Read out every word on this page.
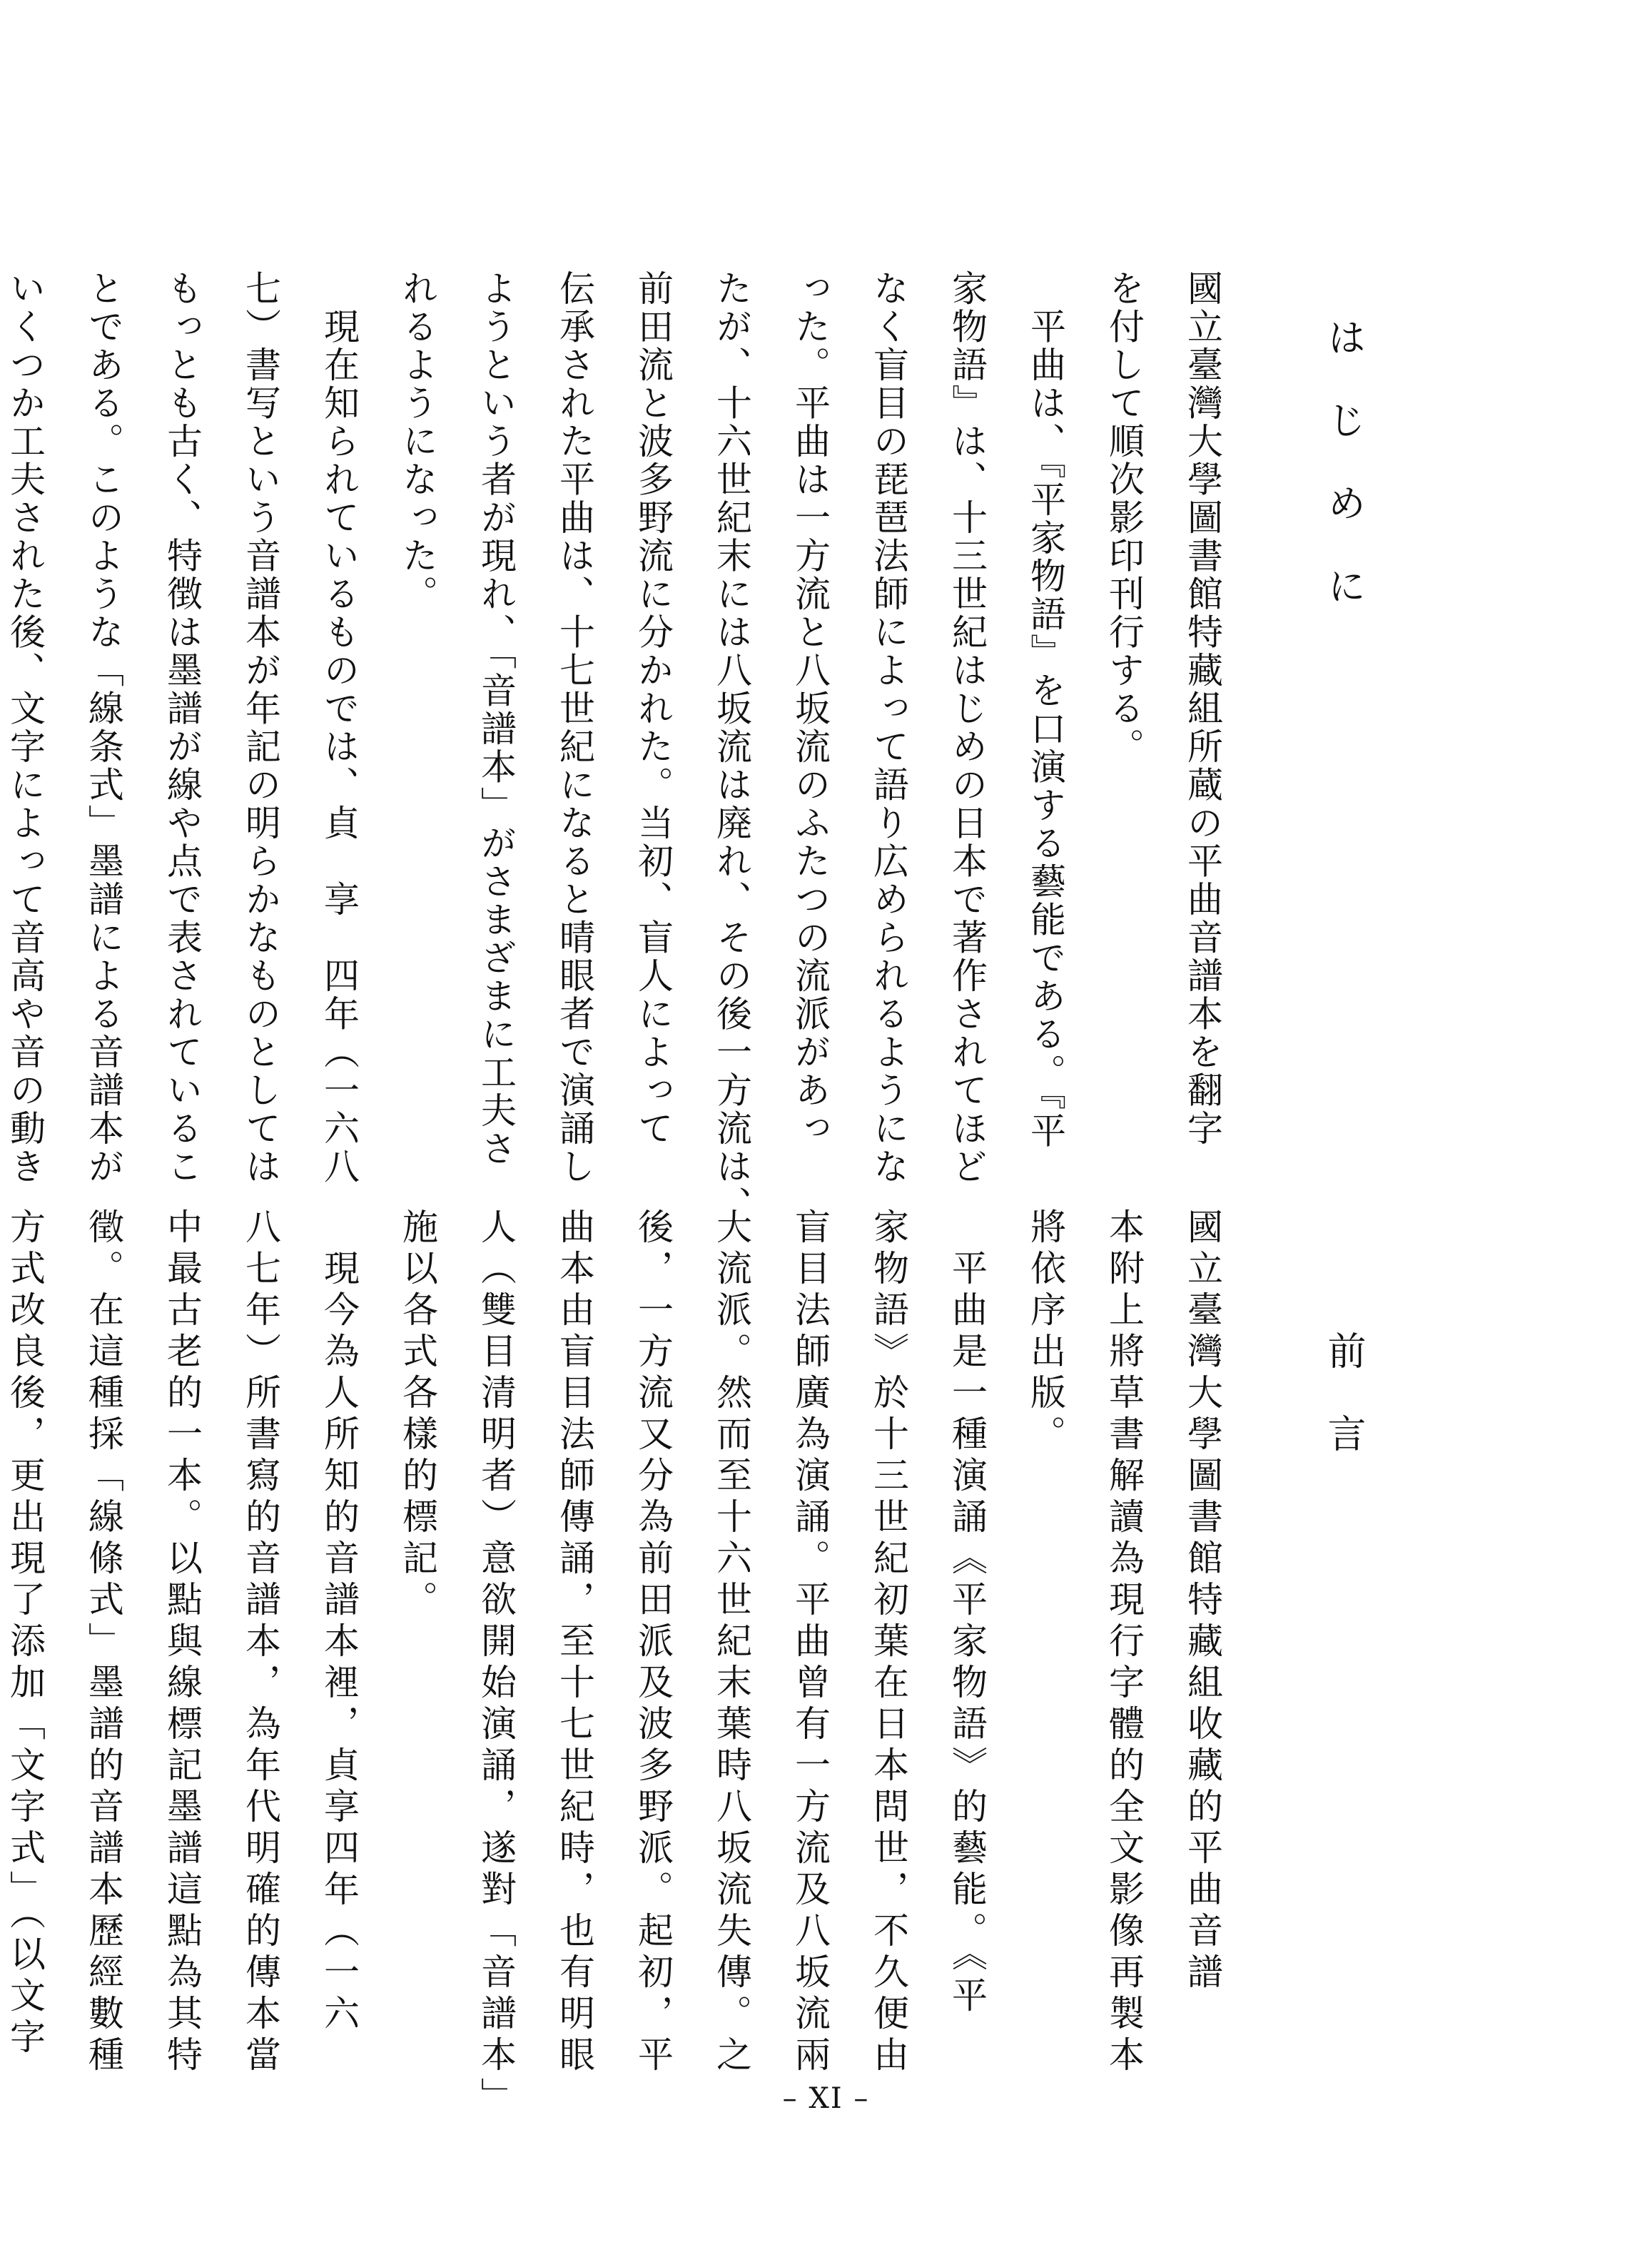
はじめに

國立臺灣大學圖書館特藏組所蔵の平曲音譜本を翻字

を付して順次影印刊行する。

　平曲は、『平家物語』を口演する藝能である。『平

家物語』は、十三世紀はじめの日本で著作されてほど

なく盲目の琵琶法師によって語り広められるようにな

った。平曲は一方流と八坂流のふたつの流派があっ

たが、十六世紀末には八坂流は廃れ、その後一方流は、

前田流と波多野流に分かれた。当初、盲人によって

伝承された平曲は、十七世紀になると晴眼者で演誦し

ようという者が現れ、「音譜本」がさまざまに工夫さ

れるようになった。

　現在知られているものでは、貞　享　四年（一六八

七）書写という音譜本が年記の明らかなものとしては

もっとも古く、特徴は墨譜が線や点で表されているこ

とである。このような「線条式」墨譜による音譜本が

いくつか工夫された後、文字によって音高や音の動き

前言

國立臺灣大學圖書館特藏組收藏的平曲音譜

本附上將草書解讀為現行字體的全文影像再製本

將依序出版。

　平曲是一種演誦《平家物語》的藝能。《平

家物語》於十三世紀初葉在日本問世，不久便由

盲目法師廣為演誦。平曲曾有一方流及八坂流兩

大流派。然而至十六世紀末葉時八坂流失傳。之

後，一方流又分為前田派及波多野派。起初，平

曲本由盲目法師傳誦，至十七世紀時，也有明眼

人（雙目清明者）意欲開始演誦，遂對「音譜本」

施以各式各樣的標記。

　現今為人所知的音譜本裡，貞享四年（一六

八七年）所書寫的音譜本，為年代明確的傳本當

中最古老的一本。以點與線標記墨譜這點為其特

徵。在這種採「線條式」墨譜的音譜本歷經數種

方式改良後，更出現了添加「文字式」（以文字

– XI –
